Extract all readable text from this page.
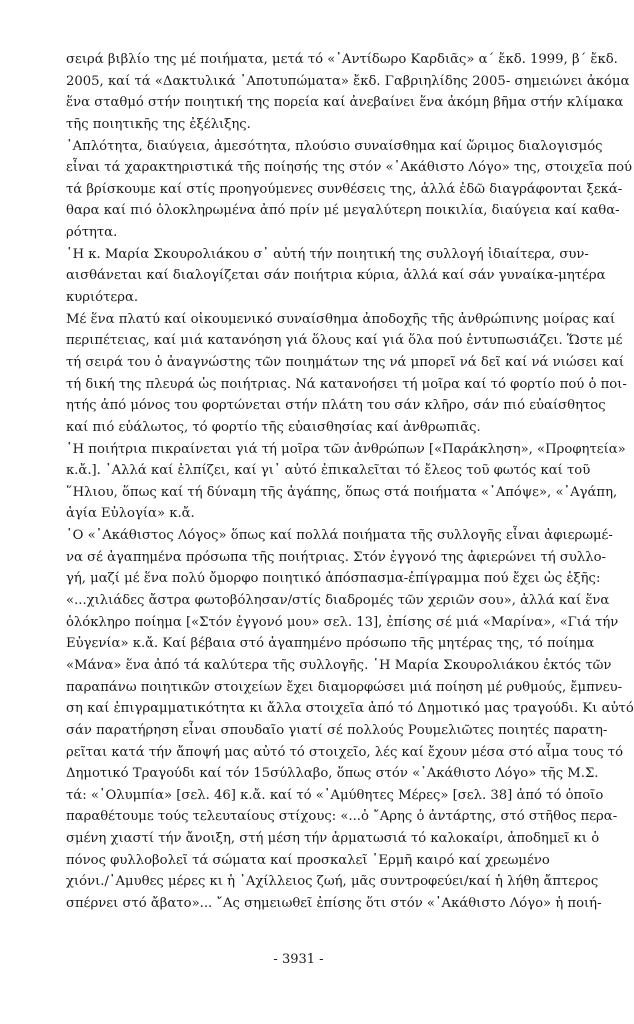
σειρά βιβλίο της μέ ποιήματα, μετά τό «᾽Αντίδωρο Καρδιᾶς» α΄ ἔκδ. 1999, β΄ ἔκδ.
2005, καί τά «Δακτυλικά ᾽Αποτυπώματα» ἔκδ. Γαβριηλίδης 2005- σημειώνει ἀκόμα
ἕνα σταθμό στήν ποιητική της πορεία καί ἀνεβαίνει ἕνα ἀκόμη βῆμα στήν κλίμακα
τῆς ποιητικῆς της ἐξέλιξης.
᾽Απλότητα, διαύγεια, ἀμεσότητα, πλούσιο συναίσθημα καί ὥριμος διαλογισμός
εἶναι τά χαρακτηριστικά τῆς ποίησής της στόν «᾽Ακάθιστο Λόγο» της, στοιχεῖα πού
τά βρίσκουμε καί στίς προηγούμενες συνθέσεις της, ἀλλά ἐδῶ διαγράφονται ξεκά-
θαρα καί πιό ὁλοκληρωμένα ἀπό πρίν μέ μεγαλύτερη ποικιλία, διαύγεια καί καθα-
ρότητα.
῾Η κ. Μαρία Σκουρολιάκου σ᾽ αὐτή τήν ποιητική της συλλογή ἰδιαίτερα, συν-
αισθάνεται καί διαλογίζεται σάν ποιήτρια κύρια, ἀλλά καί σάν γυναίκα-μητέρα
κυριότερα.
Μέ ἕνα πλατύ καί οἰκουμενικό συναίσθημα ἀποδοχῆς τῆς ἀνθρώπινης μοίρας καί
περιπέτειας, καί μιά κατανόηση γιά ὅλους καί γιά ὅλα πού ἐντυπωσιάζει. Ὥστε μέ
τή σειρά του ὁ ἀναγνώστης τῶν ποιημάτων της νά μπορεῖ νά δεῖ καί νά νιώσει καί
τή δική της πλευρά ὡς ποιήτριας. Νά κατανοήσει τή μοῖρα καί τό φορτίο πού ὁ ποι-
ητής ἀπό μόνος του φορτώνεται στήν πλάτη του σάν κλῆρο, σάν πιό εὐαίσθητος
καί πιό εὐάλωτος, τό φορτίο τῆς εὐαισθησίας καί ἀνθρωπιᾶς.
῾Η ποιήτρια πικραίνεται γιά τή μοῖρα τῶν ἀνθρώπων [«Παράκληση», «Προφητεία»
κ.ἄ.]. ᾽Αλλά καί ἐλπίζει, καί γι᾽ αὐτό ἐπικαλεῖται τό ἔλεος τοῦ φωτός καί τοῦ
῞Ηλιου, ὅπως καί τή δύναμη τῆς ἀγάπης, ὅπως στά ποιήματα «᾽Απόψε», «᾽Αγάπη,
ἁγία Εὐλογία» κ.ἄ.
῾Ο «᾽Ακάθιστος Λόγος» ὅπως καί πολλά ποιήματα τῆς συλλογῆς εἶναι ἀφιερωμέ-
να σέ ἀγαπημένα πρόσωπα τῆς ποιήτριας. Στόν ἐγγονό της ἀφιερώνει τή συλλο-
γή, μαζί μέ ἕνα πολύ ὄμορφο ποιητικό ἀπόσπασμα-ἐπίγραμμα πού ἔχει ὡς ἑξῆς:
«...χιλιάδες ἄστρα φωτοβόλησαν/στίς διαδρομές τῶν χεριῶν σου», ἀλλά καί ἕνα
ὁλόκληρο ποίημα [«Στόν ἐγγονό μου» σελ. 13], ἐπίσης σέ μιά «Μαρίνα», «Γιά τήν
Εὐγενία» κ.ἄ. Καί βέβαια στό ἀγαπημένο πρόσωπο τῆς μητέρας της, τό ποίημα
«Μάνα» ἕνα ἀπό τά καλύτερα τῆς συλλογῆς. ῾Η Μαρία Σκουρολιάκου ἐκτός τῶν
παραπάνω ποιητικῶν στοιχείων ἔχει διαμορφώσει μιά ποίηση μέ ρυθμούς, ἔμπνευ-
ση καί ἐπιγραμματικότητα κι ἄλλα στοιχεῖα ἀπό τό Δημοτικό μας τραγούδι. Κι αὐτό
σάν παρατήρηση εἶναι σπουδαῖο γιατί σέ πολλούς Ρουμελιῶτες ποιητές παρατη-
ρεῖται κατά τήν ἄποψή μας αὐτό τό στοιχεῖο, λές καί ἔχουν μέσα στό αἷμα τους τό
Δημοτικό Τραγούδι καί τόν 15σύλλαβο, ὅπως στόν «᾽Ακάθιστο Λόγο» τῆς Μ.Σ.
τά: «᾽Ολυμπία» [σελ. 46] κ.ἄ. καί τό «᾽Αμύθητες Μέρες» [σελ. 38] ἀπό τό ὁποῖο
παραθέτουμε τούς τελευταίους στίχους: «...ὁ ῎Αρης ὁ ἀντάρτης, στό στῆθος περα-
σμένη χιαστί τήν ἄνοιξη, στή μέση τήν ἁρματωσιά τό καλοκαίρι, ἀποδημεῖ κι ὁ
πόνος φυλλοβολεῖ τά σώματα καί προσκαλεῖ ῾Ερμῆ καιρό καί χρεωμένο
χιόνι./᾽Αμυθες μέρες κι ἡ ᾽Αχίλλειος ζωή, μᾶς συντροφεύει/καί ἡ λήθη ἄπτερος
σπέρνει στό ἄβατο»... ῎Ας σημειωθεῖ ἐπίσης ὅτι στόν «᾽Ακάθιστο Λόγο» ἡ ποιή-
- 3931 -
